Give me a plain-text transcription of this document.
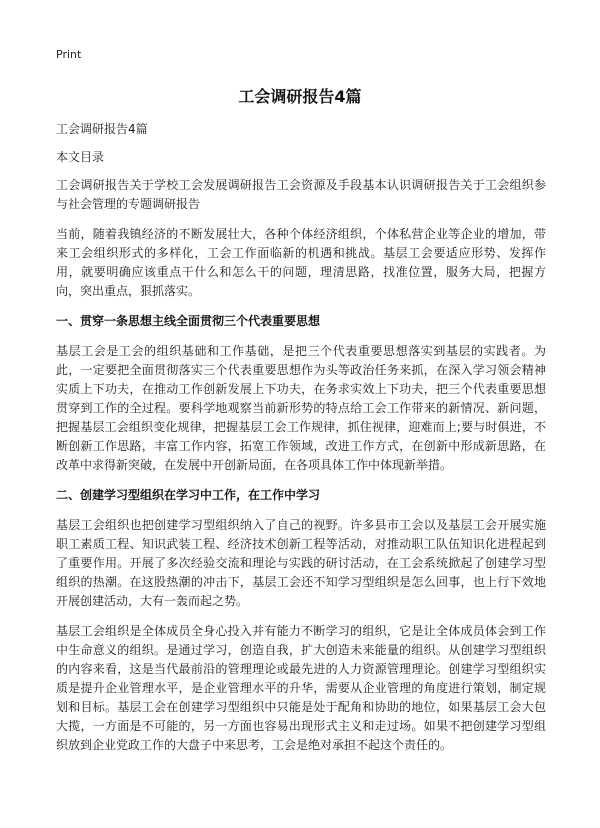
Print
工会调研报告4篇

工会调研报告4篇

本文目录

工会调研报告关于学校工会发展调研报告工会资源及手段基本认识调研报告关于工会组织参与社会管理的专题调研报告

当前，随着我镇经济的不断发展壮大，各种个体经济组织，个体私营企业等企业的增加，带来工会组织形式的多样化，工会工作面临新的机遇和挑战。基层工会要适应形势、发挥作用，就要明确应该重点干什么和怎么干的问题，理清思路，找准位置，服务大局，把握方向，突出重点，狠抓落实。

一、贯穿一条思想主线全面贯彻三个代表重要思想

基层工会是工会的组织基础和工作基础，是把三个代表重要思想落实到基层的实践者。为此，一定要把全面贯彻落实三个代表重要思想作为头等政治任务来抓，在深入学习领会精神实质上下功夫，在推动工作创新发展上下功夫，在务求实效上下功夫，把三个代表重要思想贯穿到工作的全过程。要科学地观察当前新形势的特点给工会工作带来的新情况、新问题，把握基层工会组织变化规律，把握基层工会工作规律，抓住视律，迎难而上;要与时俱进，不断创新工作思路，丰富工作内容，拓宽工作领域，改进工作方式，在创新中形成新思路，在改革中求得新突破，在发展中开创新局面，在各项具体工作中体现新举措。

二、创建学习型组织在学习中工作，在工作中学习

基层工会组织也把创建学习型组织纳入了自己的视野。许多县市工会以及基层工会开展实施职工素质工程、知识武装工程、经济技术创新工程等活动，对推动职工队伍知识化进程起到了重要作用。开展了多次经验交流和理论与实践的研讨活动，在工会系统掀起了创建学习型组织的热潮。在这股热潮的冲击下，基层工会还不知学习型组织是怎么回事，也上行下效地开展创建活动，大有一轰而起之势。

基层工会组织是全体成员全身心投入并有能力不断学习的组织，它是让全体成员体会到工作中生命意义的组织。是通过学习，创造自我，扩大创造未来能量的组织。从创建学习型组织的内容来看，这是当代最前沿的管理理论或最先进的人力资源管理理论。创建学习型组织实质是提升企业管理水平，是企业管理水平的升华，需要从企业管理的角度进行策划，制定规划和目标。基层工会在创建学习型组织中只能是处于配角和协助的地位，如果基层工会大包大揽，一方面是不可能的，另一方面也容易出现形式主义和走过场。如果不把创建学习型组织放到企业党政工作的大盘子中来思考，工会是绝对承担不起这个责任的。
